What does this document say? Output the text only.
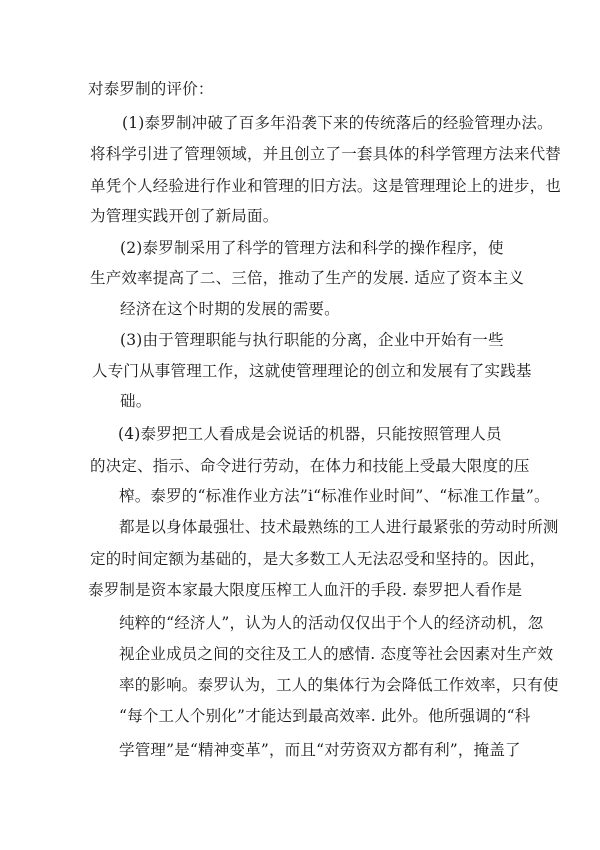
对泰罗制的评价：
(1)泰罗制冲破了百多年沿袭下来的传统落后的经验管理办法。
将科学引进了管理领域，并且创立了一套具体的科学管理方法来代替
单凭个人经验进行作业和管理的旧方法。这是管理理论上的进步，也
为管理实践开创了新局面。
(2)泰罗制采用了科学的管理方法和科学的操作程序，使
生产效率提高了二、三倍，推动了生产的发展. 适应了资本主义
经济在这个时期的发展的需要。
(3)由于管理职能与执行职能的分离，企业中开始有一些
人专门从事管理工作，这就使管理理论的创立和发展有了实践基
础。
(4)泰罗把工人看成是会说话的机器，只能按照管理人员
的决定、指示、命令进行劳动，在体力和技能上受最大限度的压
榨。泰罗的“标准作业方法”i“标准作业时间”、“标准工作量”。
都是以身体最强壮、技术最熟练的工人进行最紧张的劳动时所测
定的时间定额为基础的，是大多数工人无法忍受和坚持的。因此，
泰罗制是资本家最大限度压榨工人血汗的手段. 泰罗把人看作是
纯粹的“经济人”，认为人的活动仅仅出于个人的经济动机，忽
视企业成员之间的交往及工人的感情. 态度等社会因素对生产效
率的影响。泰罗认为，工人的集体行为会降低工作效率，只有使
“每个工人个别化”才能达到最高效率. 此外。他所强调的“科
学管理”是“精神变革”，而且“对劳资双方都有利”，掩盖了
